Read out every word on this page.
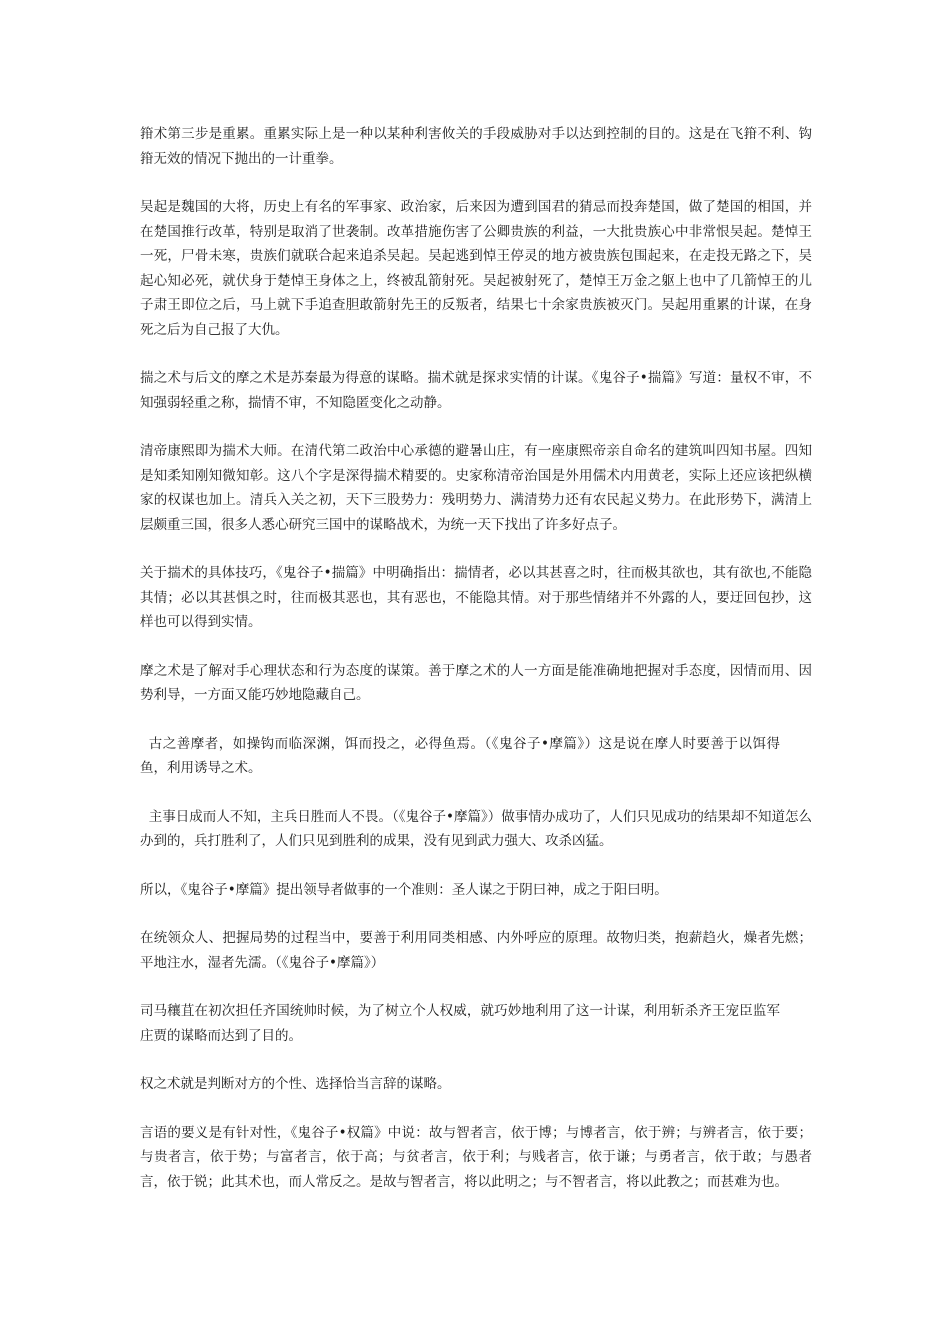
箝术第三步是重累。重累实际上是一种以某种利害攸关的手段威胁对手以达到控制的目的。这是在飞箝不利、钩箝无效的情况下抛出的一计重拳。

吴起是魏国的大将，历史上有名的军事家、政治家，后来因为遭到国君的猜忌而投奔楚国，做了楚国的相国，并在楚国推行改革，特别是取消了世袭制。改革措施伤害了公卿贵族的利益，一大批贵族心中非常恨吴起。楚悼王一死，尸骨未寒，贵族们就联合起来追杀吴起。吴起逃到悼王停灵的地方被贵族包围起来，在走投无路之下，吴起心知必死，就伏身于楚悼王身体之上，终被乱箭射死。吴起被射死了，楚悼王万金之躯上也中了几箭悼王的儿子肃王即位之后，马上就下手追查胆敢箭射先王的反叛者，结果七十余家贵族被灭门。吴起用重累的计谋，在身死之后为自己报了大仇。

揣之术与后文的摩之术是苏秦最为得意的谋略。揣术就是探求实情的计谋。《鬼谷子•揣篇》写道：量权不审，不知强弱轻重之称，揣情不审，不知隐匿变化之动静。

清帝康熙即为揣术大师。在清代第二政治中心承德的避暑山庄，有一座康熙帝亲自命名的建筑叫四知书屋。四知是知柔知刚知微知彰。这八个字是深得揣术精要的。史家称清帝治国是外用儒术内用黄老，实际上还应该把纵横家的权谋也加上。清兵入关之初，天下三股势力：残明势力、满清势力还有农民起义势力。在此形势下，满清上层颇重三国，很多人悉心研究三国中的谋略战术，为统一天下找出了许多好点子。

关于揣术的具体技巧，《鬼谷子•揣篇》中明确指出：揣情者，必以其甚喜之时，往而极其欲也，其有欲也,不能隐其情；必以其甚惧之时，往而极其恶也，其有恶也，不能隐其情。对于那些情绪并不外露的人，要迂回包抄，这样也可以得到实情。

摩之术是了解对手心理状态和行为态度的谋策。善于摩之术的人一方面是能准确地把握对手态度，因情而用、因势利导，一方面又能巧妙地隐藏自己。

古之善摩者，如操钩而临深渊，饵而投之，必得鱼焉。（《鬼谷子•摩篇》）这是说在摩人时要善于以饵得鱼，利用诱导之术。

主事日成而人不知，主兵日胜而人不畏。（《鬼谷子•摩篇》）做事情办成功了，人们只见成功的结果却不知道怎么办到的，兵打胜利了，人们只见到胜利的成果，没有见到武力强大、攻杀凶猛。

所以，《鬼谷子•摩篇》提出领导者做事的一个准则：圣人谋之于阴曰神，成之于阳曰明。

在统领众人、把握局势的过程当中，要善于利用同类相感、内外呼应的原理。故物归类，抱薪趋火，燥者先燃；平地注水，湿者先濡。（《鬼谷子•摩篇》）

司马穰苴在初次担任齐国统帅时候，为了树立个人权威，就巧妙地利用了这一计谋，利用斩杀齐王宠臣监军庄贾的谋略而达到了目的。

权之术就是判断对方的个性、选择恰当言辞的谋略。

言语的要义是有针对性，《鬼谷子•权篇》中说：故与智者言，依于博；与博者言，依于辨；与辨者言，依于要；与贵者言，依于势；与富者言，依于高；与贫者言，依于利；与贱者言，依于谦；与勇者言，依于敢；与愚者言，依于锐；此其术也，而人常反之。是故与智者言，将以此明之；与不智者言，将以此教之；而甚难为也。
